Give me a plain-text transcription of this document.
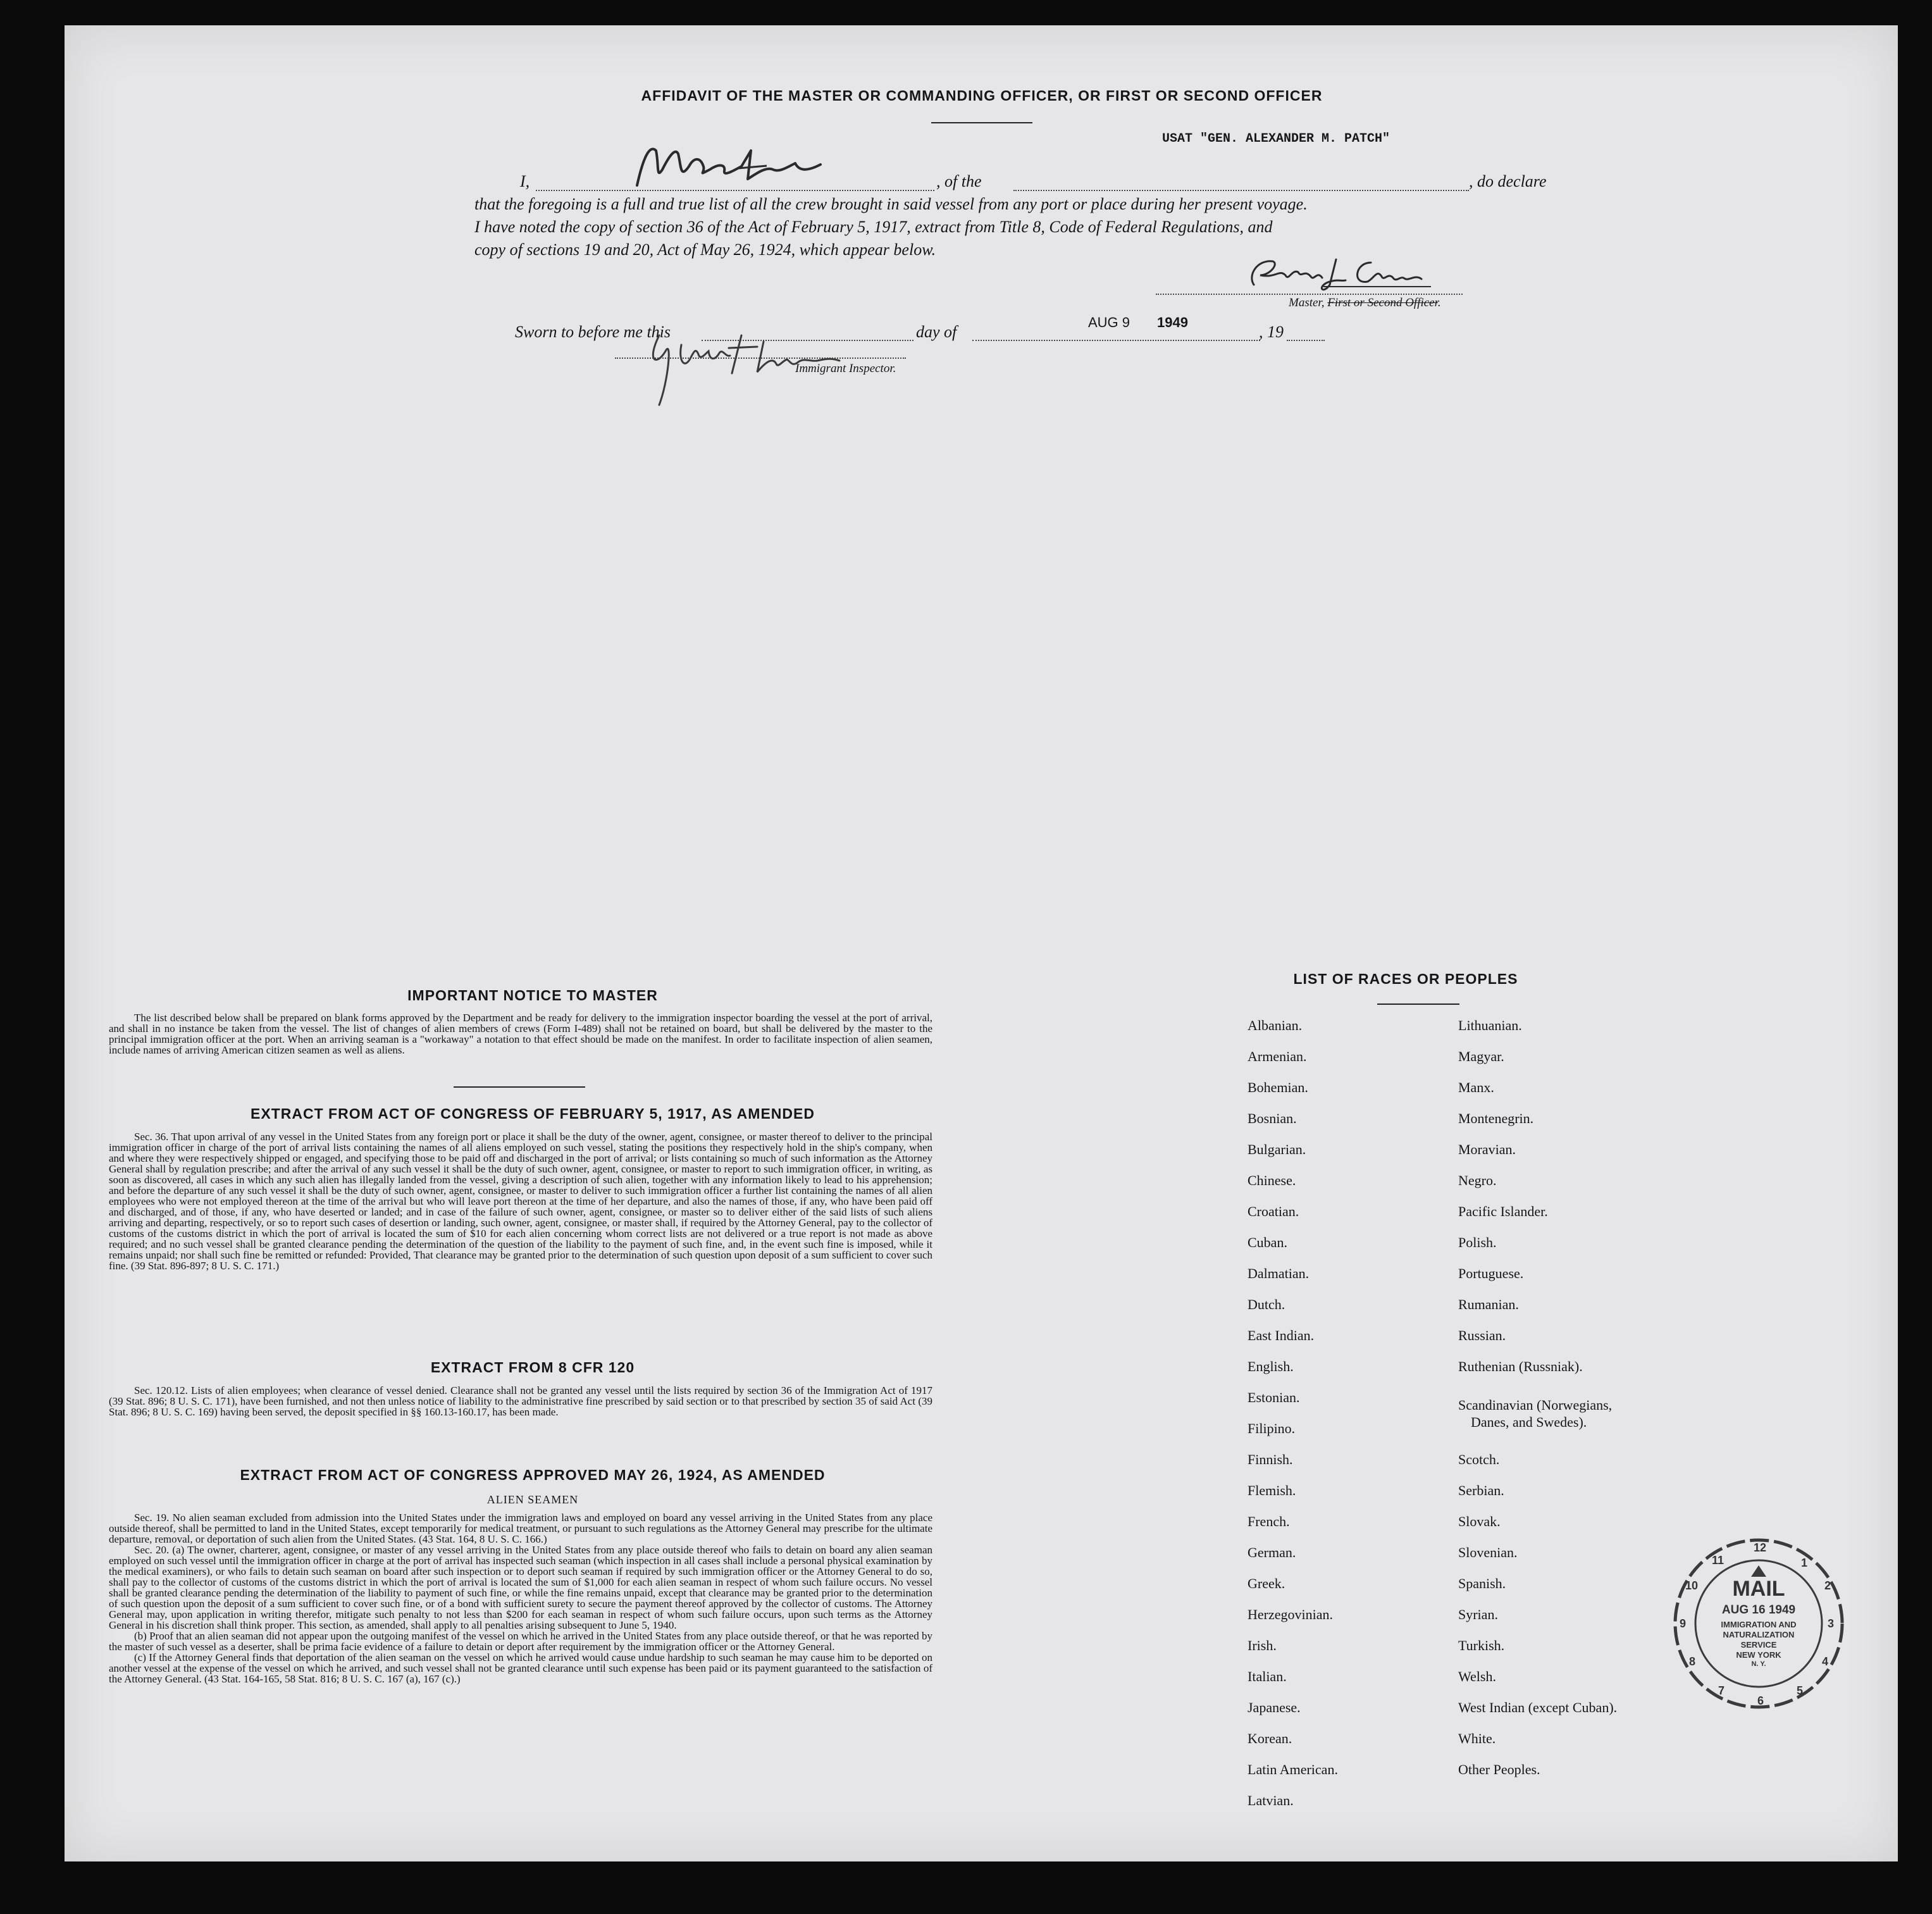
AFFIDAVIT OF THE MASTER OR COMMANDING OFFICER, OR FIRST OR SECOND OFFICER
I,	, of the
USAT "GEN. ALEXANDER M. PATCH"
, do declare
that the foregoing is a full and true list of all the crew brought in said vessel from any port or place during her present voyage.
I have noted the copy of section 36 of the Act of February 5, 1917, extract from Title 8, Code of Federal Regulations, and
copy of sections 19 and 20, Act of May 26, 1924, which appear below.
Master, First or Second Officer.
Sworn to before me this	day of
AUG 9 1949
, 19
Immigrant Inspector.
IMPORTANT NOTICE TO MASTER

The list described below shall be prepared on blank forms approved by the Department and be ready for delivery to the immigration inspector boarding the vessel at the port of arrival, and shall in no instance be taken from the vessel. The list of changes of alien members of crews (Form I-489) shall not be retained on board, but shall be delivered by the master to the principal immigration officer at the port. When an arriving seaman is a "workaway" a notation to that effect should be made on the manifest. In order to facilitate inspection of alien seamen, include names of arriving American citizen seamen as well as aliens.

EXTRACT FROM ACT OF CONGRESS OF FEBRUARY 5, 1917, AS AMENDED

Sec. 36. That upon arrival of any vessel in the United States from any foreign port or place it shall be the duty of the owner, agent, consignee, or master thereof to deliver to the principal immigration officer in charge of the port of arrival lists containing the names of all aliens employed on such vessel, stating the positions they respectively hold in the ship's company, when and where they were respectively shipped or engaged, and specifying those to be paid off and discharged in the port of arrival; or lists containing so much of such information as the Attorney General shall by regulation prescribe; and after the arrival of any such vessel it shall be the duty of such owner, agent, consignee, or master to report to such immigration officer, in writing, as soon as discovered, all cases in which any such alien has illegally landed from the vessel, giving a description of such alien, together with any information likely to lead to his apprehension; and before the departure of any such vessel it shall be the duty of such owner, agent, consignee, or master to deliver to such immigration officer a further list containing the names of all alien employees who were not employed thereon at the time of the arrival but who will leave port thereon at the time of her departure, and also the names of those, if any, who have been paid off and discharged, and of those, if any, who have deserted or landed; and in case of the failure of such owner, agent, consignee, or master so to deliver either of the said lists of such aliens arriving and departing, respectively, or so to report such cases of desertion or landing, such owner, agent, consignee, or master shall, if required by the Attorney General, pay to the collector of customs of the customs district in which the port of arrival is located the sum of $10 for each alien concerning whom correct lists are not delivered or a true report is not made as above required; and no such vessel shall be granted clearance pending the determination of the question of the liability to the payment of such fine, and, in the event such fine is imposed, while it remains unpaid; nor shall such fine be remitted or refunded: Provided, That clearance may be granted prior to the determination of such question upon deposit of a sum sufficient to cover such fine. (39 Stat. 896-897; 8 U. S. C. 171.)

EXTRACT FROM 8 CFR 120

Sec. 120.12. Lists of alien employees; when clearance of vessel denied. Clearance shall not be granted any vessel until the lists required by section 36 of the Immigration Act of 1917 (39 Stat. 896; 8 U. S. C. 171), have been furnished, and not then unless notice of liability to the administrative fine prescribed by said section or to that prescribed by section 35 of said Act (39 Stat. 896; 8 U. S. C. 169) having been served, the deposit specified in §§ 160.13-160.17, has been made.

EXTRACT FROM ACT OF CONGRESS APPROVED MAY 26, 1924, AS AMENDED
ALIEN SEAMEN

Sec. 19. No alien seaman excluded from admission into the United States under the immigration laws and employed on board any vessel arriving in the United States from any place outside thereof, shall be permitted to land in the United States, except temporarily for medical treatment, or pursuant to such regulations as the Attorney General may prescribe for the ultimate departure, removal, or deportation of such alien from the United States. (43 Stat. 164, 8 U. S. C. 166.)

Sec. 20. (a) The owner, charterer, agent, consignee, or master of any vessel arriving in the United States from any place outside thereof who fails to detain on board any alien seaman employed on such vessel until the immigration officer in charge at the port of arrival has inspected such seaman (which inspection in all cases shall include a personal physical examination by the medical examiners), or who fails to detain such seaman on board after such inspection or to deport such seaman if required by such immigration officer or the Attorney General to do so, shall pay to the collector of customs of the customs district in which the port of arrival is located the sum of $1,000 for each alien seaman in respect of whom such failure occurs. No vessel shall be granted clearance pending the determination of the liability to payment of such fine, or while the fine remains unpaid, except that clearance may be granted prior to the determination of such question upon the deposit of a sum sufficient to cover such fine, or of a bond with sufficient surety to secure the payment thereof approved by the collector of customs. The Attorney General may, upon application in writing therefor, mitigate such penalty to not less than $200 for each seaman in respect of whom such failure occurs, upon such terms as the Attorney General in his discretion shall think proper. This section, as amended, shall apply to all penalties arising subsequent to June 5, 1940.

(b) Proof that an alien seaman did not appear upon the outgoing manifest of the vessel on which he arrived in the United States from any place outside thereof, or that he was reported by the master of such vessel as a deserter, shall be prima facie evidence of a failure to detain or deport after requirement by the immigration officer or the Attorney General.

(c) If the Attorney General finds that deportation of the alien seaman on the vessel on which he arrived would cause undue hardship to such seaman he may cause him to be deported on another vessel at the expense of the vessel on which he arrived, and such vessel shall not be granted clearance until such expense has been paid or its payment guaranteed to the satisfaction of the Attorney General. (43 Stat. 164-165, 58 Stat. 816; 8 U. S. C. 167 (a), 167 (c).)

LIST OF RACES OR PEOPLES
Albanian.
Armenian.
Bohemian.
Bosnian.
Bulgarian.
Chinese.
Croatian.
Cuban.
Dalmatian.
Dutch.
East Indian.
English.
Estonian.
Filipino.
Finnish.
Flemish.
French.
German.
Greek.
Herzegovinian.
Irish.
Italian.
Japanese.
Korean.
Latin American.
Latvian.
Lithuanian.
Magyar.
Manx.
Montenegrin.
Moravian.
Negro.
Pacific Islander.
Polish.
Portuguese.
Rumanian.
Russian.
Ruthenian (Russniak).
Scandinavian (Norwegians,
Danes, and Swedes).
Scotch.
Serbian.
Slovak.
Slovenian.
Spanish.
Syrian.
Turkish.
Welsh.
West Indian (except Cuban).
White.
Other Peoples.
MAIL
AUG 16 1949
IMMIGRATION AND
NATURALIZATION
SERVICE
NEW YORK
N. Y.
1
2
3
4
5
6
7
8
9
10
11
12
